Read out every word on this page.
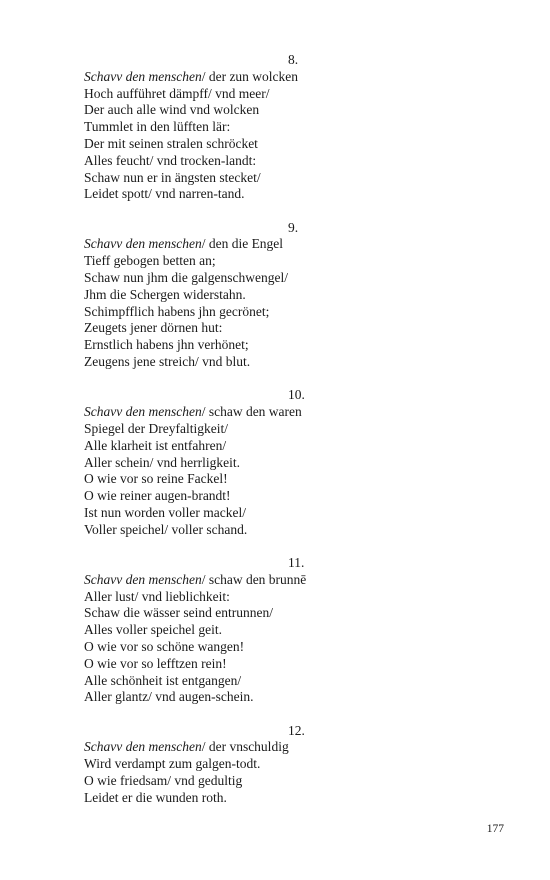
8.
Schavv den menschen/ der zun wolcken
Hoch aufführet dämpff/ vnd meer/
Der auch alle wind vnd wolcken
Tummlet in den lüfften lär:
Der mit seinen stralen schröcket
Alles feucht/ vnd trocken-landt:
Schaw nun er in ängsten stecket/
Leidet spott/ vnd narren-tand.
9.
Schavv den menschen/ den die Engel
Tieff gebogen betten an;
Schaw nun jhm die galgenschwengel/
Jhm die Schergen widerstahn.
Schimpfflich habens jhn gecrönet;
Zeugets jener dörnen hut:
Ernstlich habens jhn verhönet;
Zeugens jene streich/ vnd blut.
10.
Schavv den menschen/ schaw den waren
Spiegel der Dreyfaltigkeit/
Alle klarheit ist entfahren/
Aller schein/ vnd herrligkeit.
O wie vor so reine Fackel!
O wie reiner augen-brandt!
Ist nun worden voller mackel/
Voller speichel/ voller schand.
11.
Schavv den menschen/ schaw den brunnē
Aller lust/ vnd lieblichkeit:
Schaw die wässer seind entrunnen/
Alles voller speichel geit.
O wie vor so schöne wangen!
O wie vor so lefftzen rein!
Alle schönheit ist entgangen/
Aller glantz/ vnd augen-schein.
12.
Schavv den menschen/ der vnschuldig
Wird verdampt zum galgen-todt.
O wie friedsam/ vnd gedultig
Leidet er die wunden roth.
177
